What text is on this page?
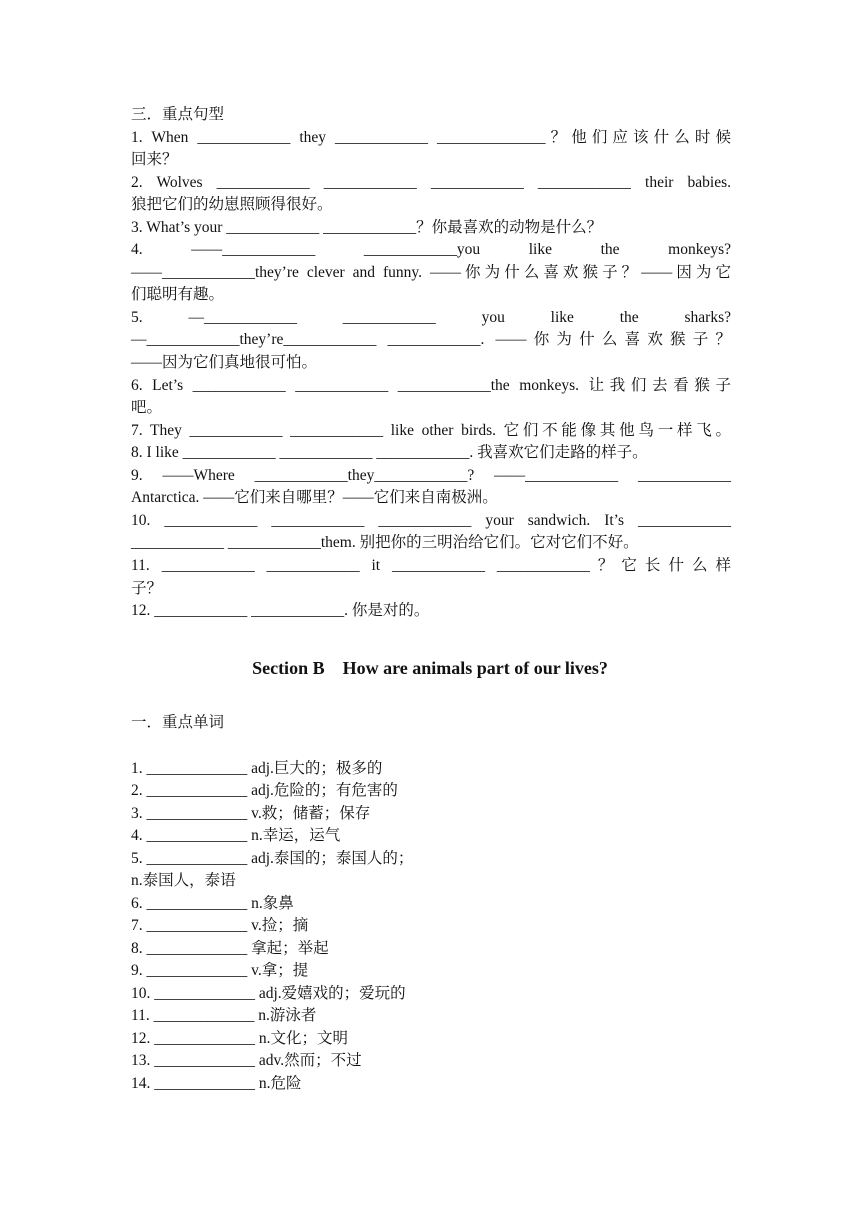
三．重点句型
1. When ____________ they ____________ ______________？他们应该什么时候
回来？
2. Wolves ____________ ____________ ____________ ____________ their babies.
狼把它们的幼崽照顾得很好。
3. What’s your ____________ ____________？你最喜欢的动物是什么？
4. ——____________ ____________you like the monkeys?
——____________they’re clever and funny. ——你为什么喜欢猴子？——因为它
们聪明有趣。
5. —____________ ____________ you like the sharks?
—____________they’re____________ ____________. ——你为什么喜欢猴子？
——因为它们真地很可怕。
6. Let’s ____________ ____________ ____________the monkeys. 让我们去看猴子
吧。
7. They ____________ ____________ like other birds. 它们不能像其他鸟一样飞。
8. I like ____________ ____________ ____________. 我喜欢它们走路的样子。
9. ——Where ____________they____________? ——____________ ____________
Antarctica. ——它们来自哪里？——它们来自南极洲。
10. ____________ ____________ ____________ your sandwich. It’s ____________
____________ ____________them. 别把你的三明治给它们。它对它们不好。
11. ____________ ____________ it ____________ ____________？它长什么样
子？
12. ____________ ____________. 你是对的。
Section B    How are animals part of our lives?
一．重点单词
1. _____________ adj.巨大的；极多的
2. _____________ adj.危险的；有危害的
3. _____________ v.救；储蓄；保存
4. _____________ n.幸运，运气
5. _____________ adj.泰国的；泰国人的；
n.泰国人，泰语
6. _____________ n.象鼻
7. _____________ v.捡；摘
8. _____________ 拿起；举起
9. _____________ v.拿；提
10. _____________ adj.爱嬉戏的；爱玩的
11. _____________ n.游泳者
12. _____________ n.文化；文明
13. _____________ adv.然而；不过
14. _____________ n.危险
